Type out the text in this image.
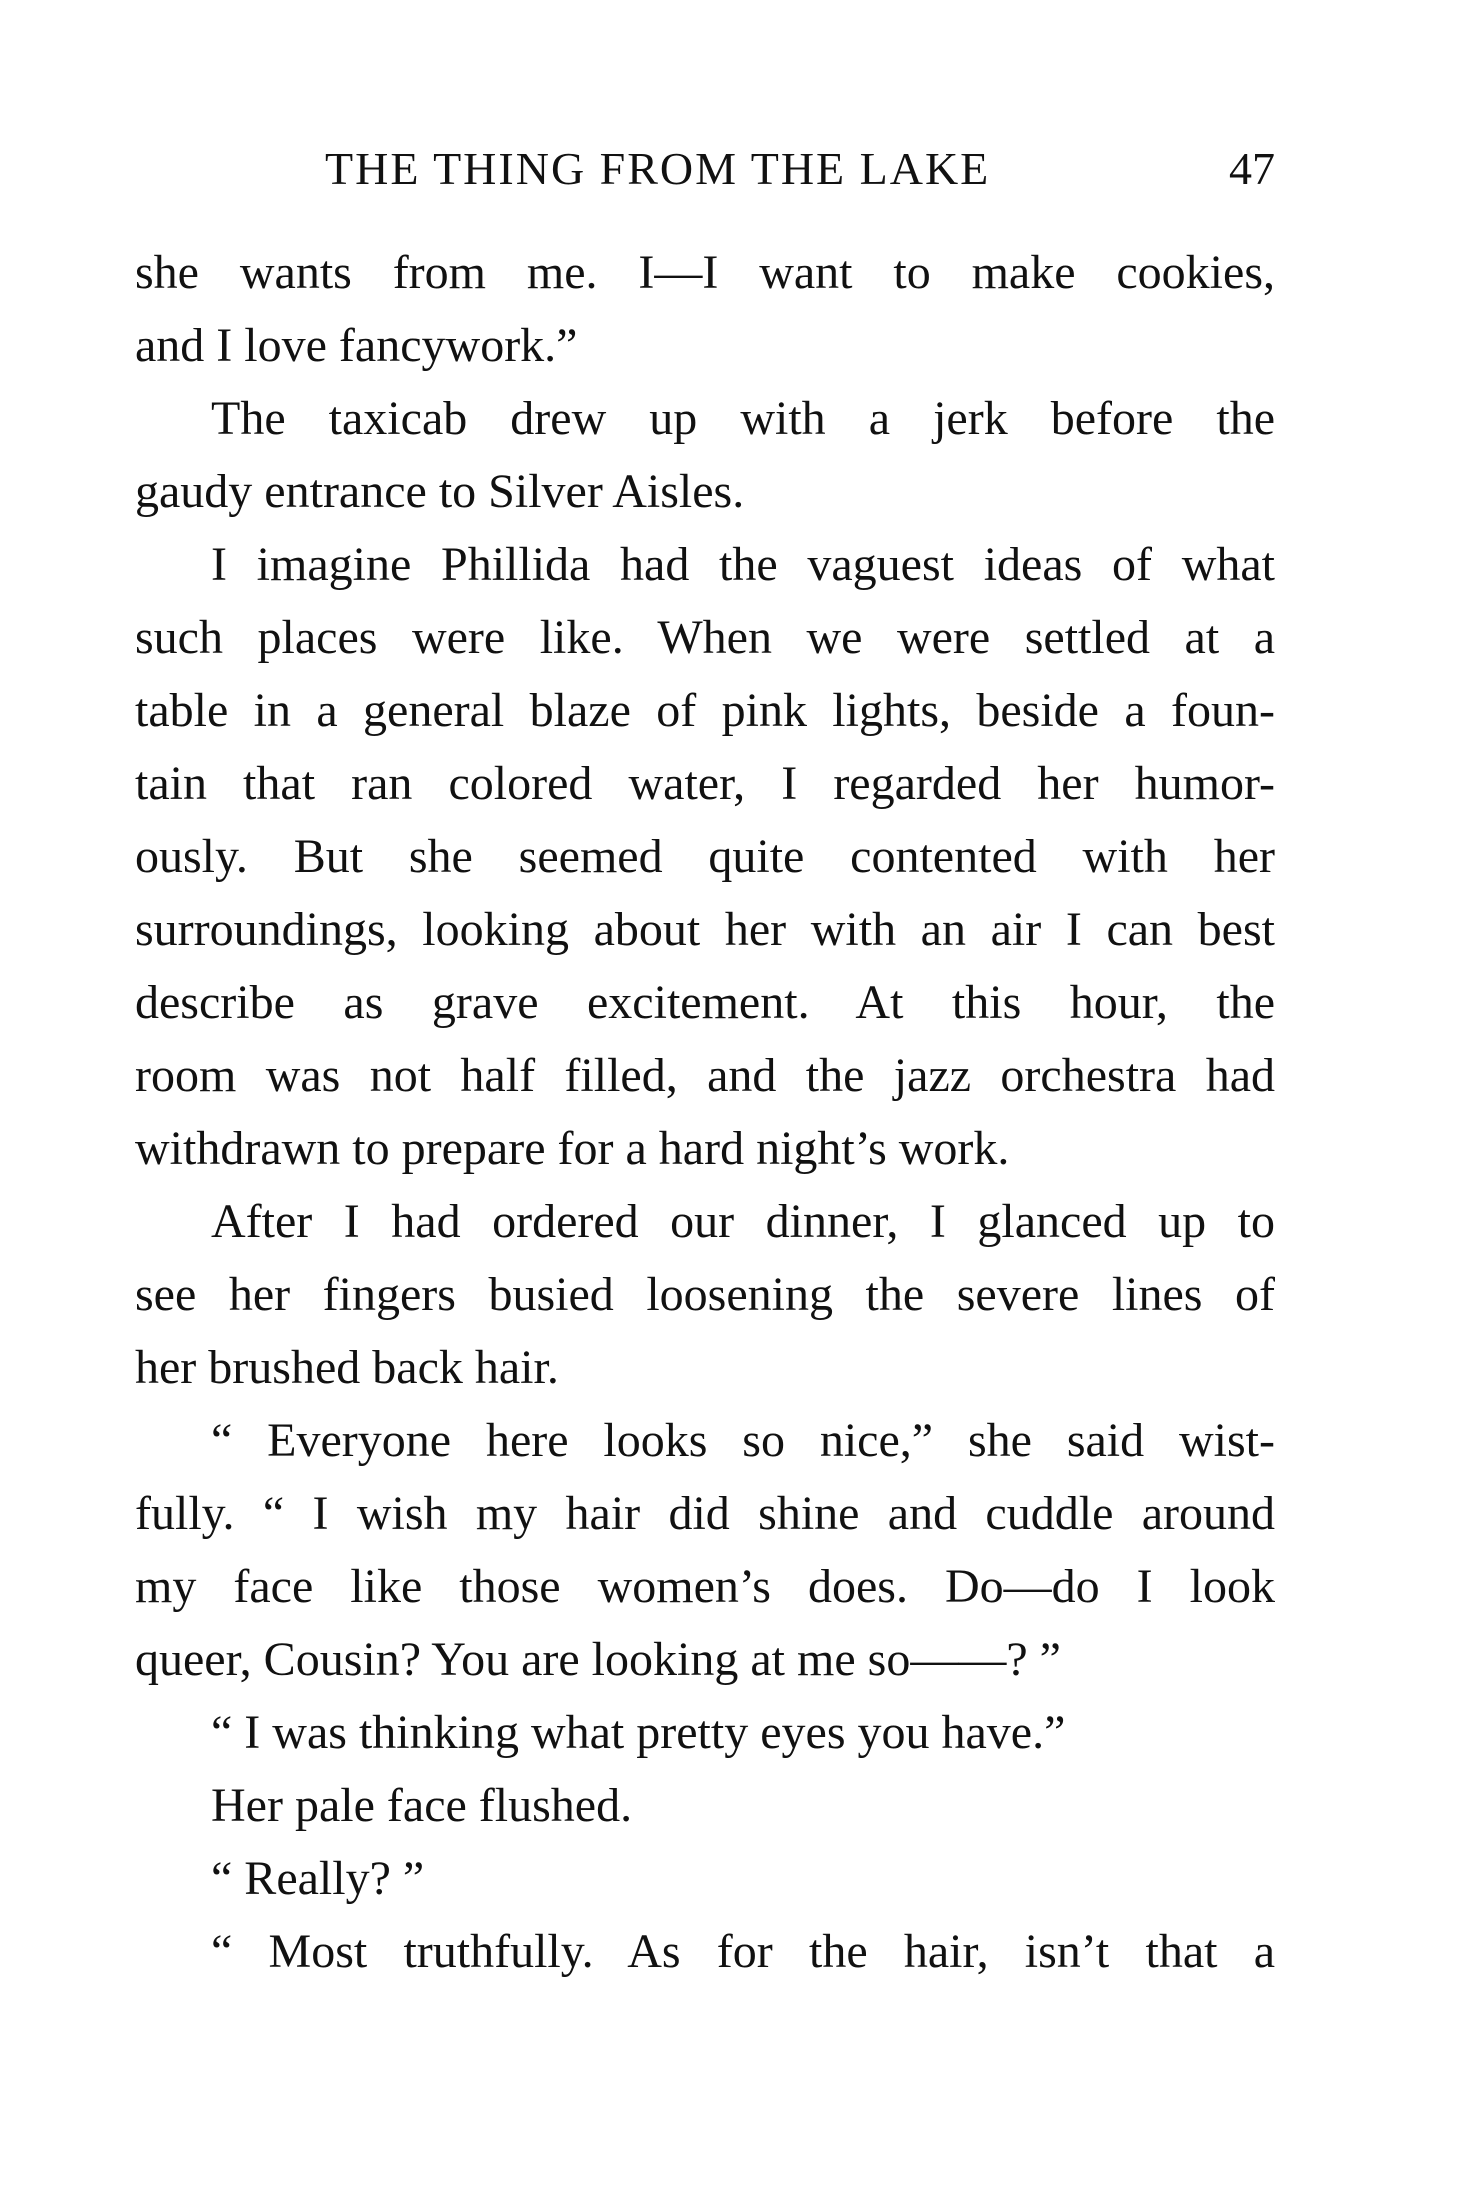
THE THING FROM THE LAKE	47
she wants from me. I—I want to make cookies,
and I love fancywork.”
The taxicab drew up with a jerk before the
gaudy entrance to Silver Aisles.
I imagine Phillida had the vaguest ideas of what
such places were like. When we were settled at a
table in a general blaze of pink lights, beside a foun-
tain that ran colored water, I regarded her humor-
ously. But she seemed quite contented with her
surroundings, looking about her with an air I can best
describe as grave excitement. At this hour, the
room was not half filled, and the jazz orchestra had
withdrawn to prepare for a hard night’s work.
After I had ordered our dinner, I glanced up to
see her fingers busied loosening the severe lines of
her brushed back hair.
“ Everyone here looks so nice,” she said wist-
fully. “ I wish my hair did shine and cuddle around
my face like those women’s does. Do—do I look
queer, Cousin? You are looking at me so——? ”
“ I was thinking what pretty eyes you have.”
Her pale face flushed.
“ Really? ”
“ Most truthfully. As for the hair, isn’t that a
